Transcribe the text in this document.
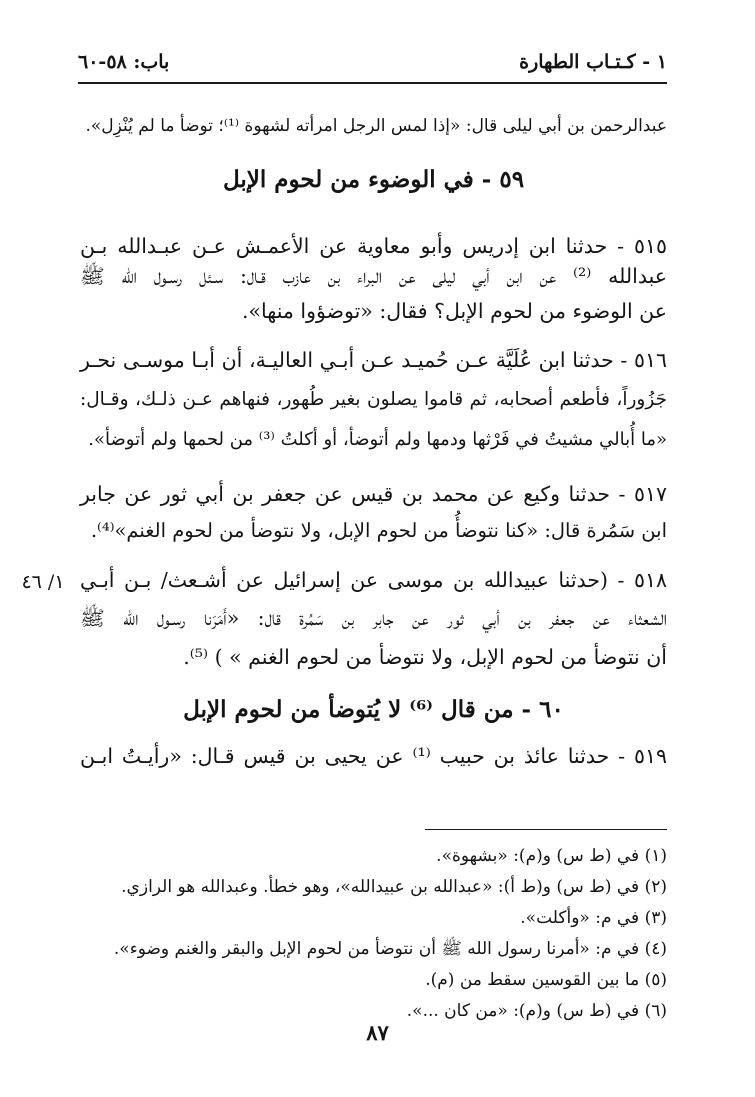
١ - كـتـاب الطهارة
باب: ٥٨-٦٠
عبدالرحمن بن أبي ليلى قال: «إذا لمس الرجل امرأته لشهوة ⁽¹⁾؛ توضأ ما لم يُنْزِل».
٥٩ - في الوضوء من لحوم الإبل
٥١٥ - حدثنا ابن إدريس وأبو معاوية عن الأعمـش عـن عبـدالله بـن
عبدالله ⁽²⁾ عن ابن أبي ليلى عن البراء بن عازب قـال: سـئل رسـول الله ﷺ
عن الوضوء من لحوم الإبل؟ فقال: «توضؤوا منها».
٥١٦ - حدثنا ابن عُلَيَّة عـن حُميـد عـن أبـي العاليـة، أن أبـا موسـى نحـر
جَزُوراً، فأطعم أصحابه، ثم قاموا يصلون بغير طُهور، فنهاهم عـن ذلـك، وقـال:
«ما أُبالي مشيتُ في فَرْثها ودمها ولم أتوضأ، أو أكلتُ ⁽³⁾ من لحمها ولم أتوضأ».
٥١٧ - حدثنا وكيع عن محمد بن قيس عن جعفر بن أبي ثور عن جابر
ابن سَمُرة قال: «كنا نتوضأُ من لحوم الإبل، ولا نتوضأ من لحوم الغنم»⁽⁴⁾.
٥١٨ - (حدثنا عبيدالله بن موسى عن إسرائيل عن أشـعث/ بـن أبـي
١/ ٤٦
الشعثاء عن جعفر بن أبي ثور عن جابر بن سَمُرة قال: «أَمَرَنا رسـول الله ﷺ
أن نتوضأ من لحوم الإبل، ولا نتوضأ من لحوم الغنم » ) ⁽⁵⁾.
٦٠ - من قال ⁽⁶⁾ لا يُتوضأ من لحوم الإبل
٥١٩ - حدثنا عائذ بن حبيب ⁽¹⁾ عن يحيى بن قيس قـال: «رأيـتُ ابـن
(١) في (ط س) و(م): «بشهوة».
(٢) في (ط س) و(ط أ): «عبدالله بن عبيدالله»، وهو خطأ. وعبدالله هو الرازي.
(٣) في م: «وأكلت».
(٤) في م: «أمرنا رسول الله ﷺ أن نتوضأ من لحوم الإبل والبقر والغنم وضوء».
(٥) ما بين القوسين سقط من (م).
(٦) في (ط س) و(م): «من كان ...».
٨٧
